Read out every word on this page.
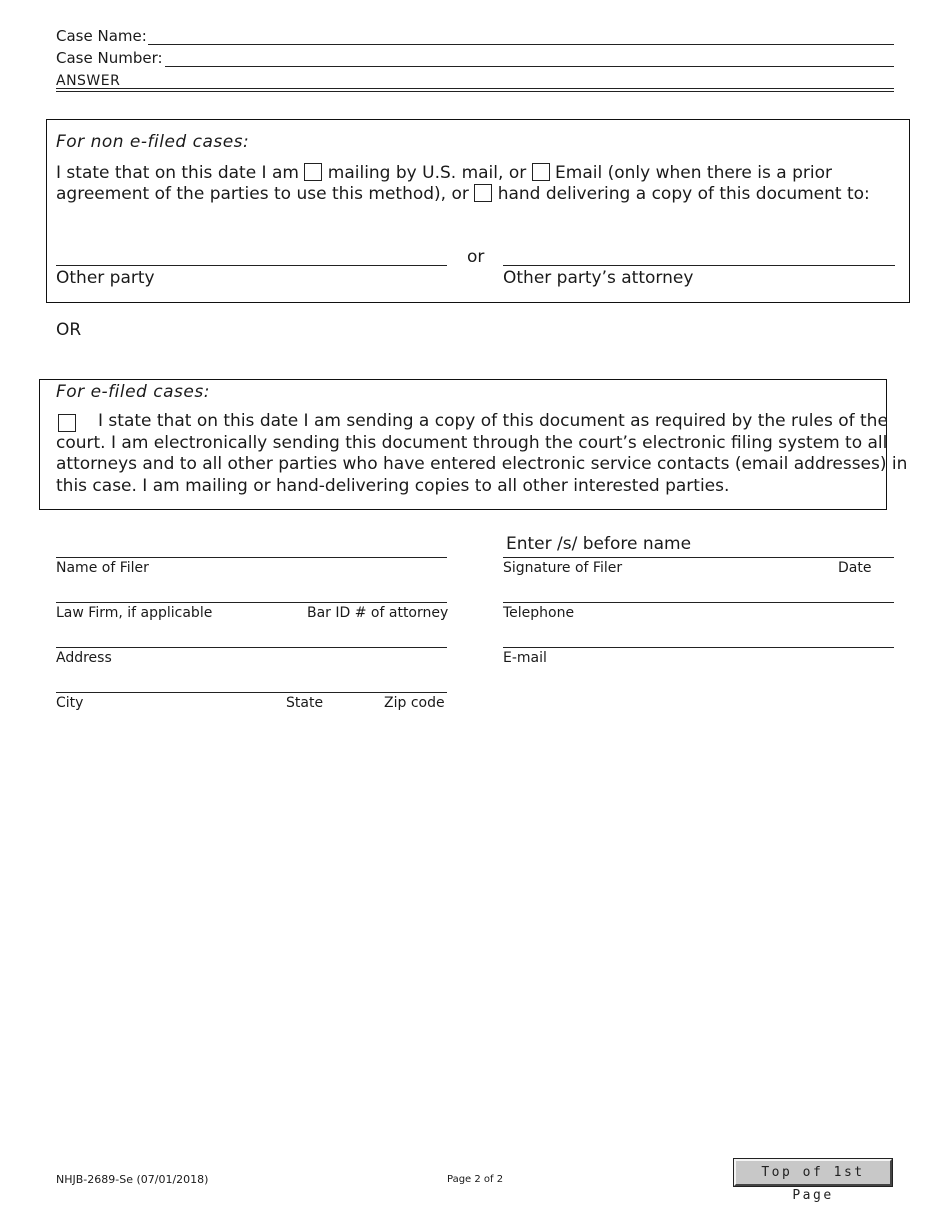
Case Name:
Case Number:
ANSWER
For non e-filed cases:
I state that on this date I am mailing by U.S. mail, or Email (only when there is a prior
agreement of the parties to use this method), or hand delivering a copy of this document to:
or
Other party	Other party’s attorney
OR
For e-filed cases:
I state that on this date I am sending a copy of this document as required by the rules of the
court. I am electronically sending this document through the court’s electronic filing system to all
attorneys and to all other parties who have entered electronic service contacts (email addresses) in
this case. I am mailing or hand-delivering copies to all other interested parties.
Enter /s/ before name
Name of Filer	Signature of Filer	Date
Law Firm, if applicable	Bar ID # of attorney	Telephone
Address	E-mail
City	State	Zip code
NHJB-2689-Se (07/01/2018)	Page 2 of 2	Top of 1st Page
